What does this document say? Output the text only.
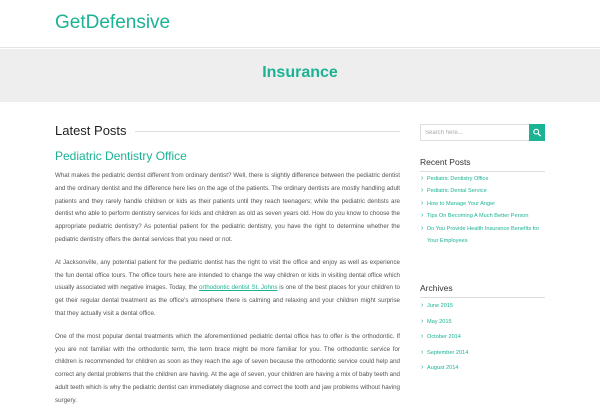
GetDefensive
Insurance
Latest Posts
Pediatric Dentistry Office

What makes the pediatric dentist different from ordinary dentist? Well, there is slightly difference between the pediatric dentist and the ordinary dentist and the difference here lies on the age of the patients. The ordinary dentists are mostly handling adult patients and they rarely handle children or kids as their patients until they reach teenagers; while the pediatric dentists are dentist who able to perform dentistry services for kids and children as old as seven years old. How do you know to choose the appropriate pediatric dentistry? As potential patient for the pediatric dentistry, you have the right to determine whether the pediatric dentistry offers the dental services that you need or not.

At Jacksonville, any potential patient for the pediatric dentist has the right to visit the office and enjoy as well as experience the fun dental office tours. The office tours here are intended to change the way children or kids in visiting dental office which usually associated with negative images. Today, the orthodontic dentist St. Johns is one of the best places for your children to get their regular dental treatment as the office's atmosphere there is calming and relaxing and your children might surprise that they actually visit a dental office.

One of the most popular dental treatments which the aforementioned pediatric dental office has to offer is the orthodontic. If you are not familiar with the orthodontic term, the term brace might be more familiar for you. The orthodontic service for children is recommended for children as soon as they reach the age of seven because the orthodontic service could help and correct any dental problems that the children are having. At the age of seven, your children are having a mix of baby teeth and adult teeth which is why the pediatric dentist can immediately diagnose and correct the tooth and jaw problems without having surgery.

Search here...
Recent Posts
› Pediatric Dentistry Office
› Pediatric Dental Service
› How to Manage Your Anger
› Tips On Becoming A Much Better Person
› Do You Provide Health Insurance Benefits for Your Employees
Archives
› June 2015
› May 2015
› October 2014
› September 2014
› August 2014
